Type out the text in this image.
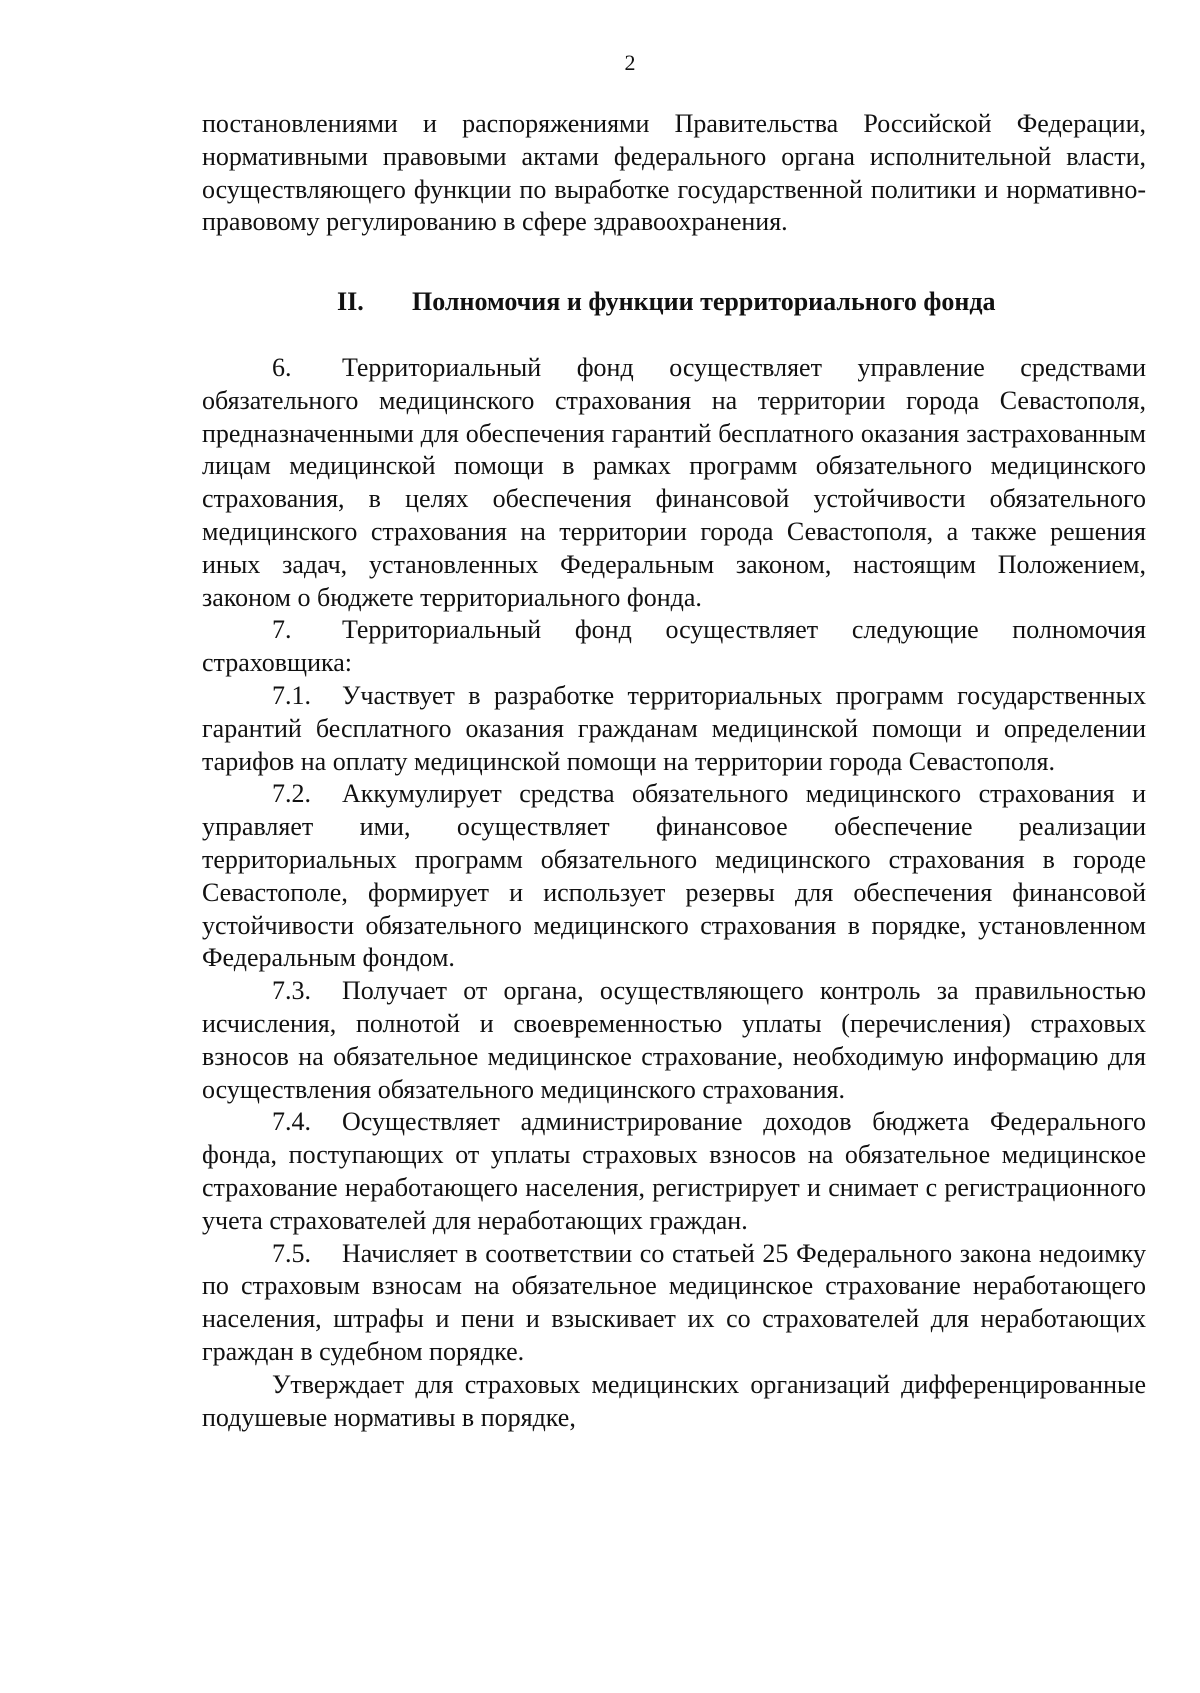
2

постановлениями и распоряжениями Правительства Российской Федерации, нормативными правовыми актами федерального органа исполнительной власти, осуществляющего функции по выработке государственной политики и нормативно-правовому регулированию в сфере здравоохранения.

II. Полномочия и функции территориального фонда

6. Территориальный фонд осуществляет управление средствами обязательного медицинского страхования на территории города Севастополя, предназначенными для обеспечения гарантий бесплатного оказания застрахованным лицам медицинской помощи в рамках программ обязательного медицинского страхования, в целях обеспечения финансовой устойчивости обязательного медицинского страхования на территории города Севастополя, а также решения иных задач, установленных Федеральным законом, настоящим Положением, законом о бюджете территориального фонда.

7. Территориальный фонд осуществляет следующие полномочия страховщика:

7.1. Участвует в разработке территориальных программ государственных гарантий бесплатного оказания гражданам медицинской помощи и определении тарифов на оплату медицинской помощи на территории города Севастополя.

7.2. Аккумулирует средства обязательного медицинского страхования и управляет ими, осуществляет финансовое обеспечение реализации территориальных программ обязательного медицинского страхования в городе Севастополе, формирует и использует резервы для обеспечения финансовой устойчивости обязательного медицинского страхования в порядке, установленном Федеральным фондом.

7.3. Получает от органа, осуществляющего контроль за правильностью исчисления, полнотой и своевременностью уплаты (перечисления) страховых взносов на обязательное медицинское страхование, необходимую информацию для осуществления обязательного медицинского страхования.

7.4. Осуществляет администрирование доходов бюджета Федерального фонда, поступающих от уплаты страховых взносов на обязательное медицинское страхование неработающего населения, регистрирует и снимает с регистрационного учета страхователей для неработающих граждан.

7.5. Начисляет в соответствии со статьей 25 Федерального закона недоимку по страховым взносам на обязательное медицинское страхование неработающего населения, штрафы и пени и взыскивает их со страхователей для неработающих граждан в судебном порядке.

Утверждает для страховых медицинских организаций дифференцированные подушевые нормативы в порядке,
